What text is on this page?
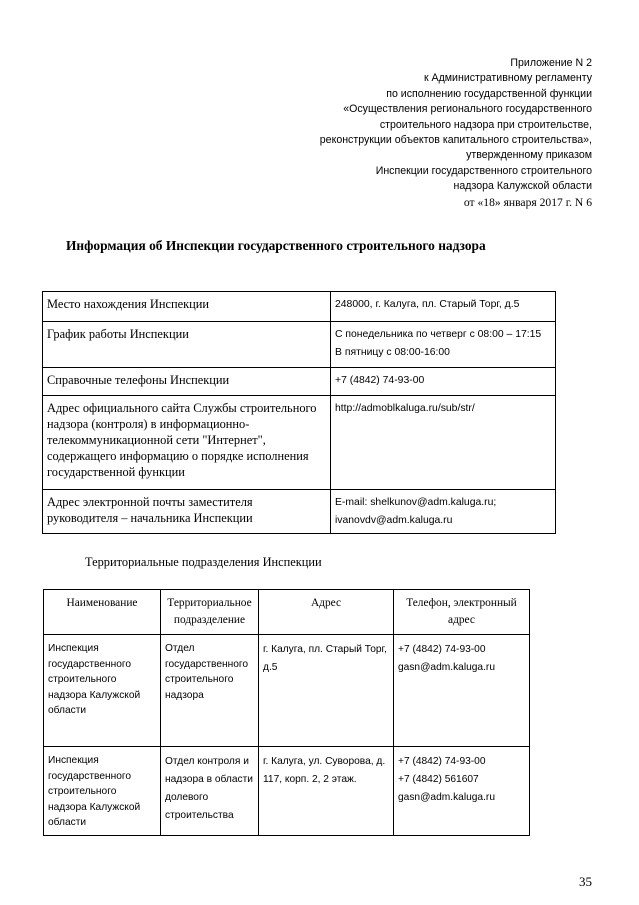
Приложение N 2
к Административному регламенту
по исполнению государственной функции
«Осуществления регионального государственного
строительного надзора при строительстве,
реконструкции объектов капитального строительства»,
утвержденному приказом
Инспекции государственного строительного
надзора Калужской области
от «18» января 2017 г. N 6
Информация об Инспекции государственного строительного надзора
Место нахождения Инспекции	248000, г. Калуга, пл. Старый Торг, д.5

График работы Инспекции	С понедельника по четверг с 08:00 – 17:15
В пятницу с 08:00-16:00

Справочные телефоны Инспекции	+7 (4842) 74-93-00

Адрес официального сайта Службы строительного надзора (контроля) в информационно-телекоммуникационной сети "Интернет", содержащего информацию о порядке исполнения государственной функции	http://admoblkaluga.ru/sub/str/

Адрес электронной почты заместителя руководителя – начальника Инспекции	E-mail: shelkunov@adm.kaluga.ru;
ivanovdv@adm.kaluga.ru
Территориальные подразделения Инспекции
Наименование	Территориальное подразделение	Адрес	Телефон, электронный адрес
Инспекция государственного строительного надзора Калужской области	Отдел государственного строительного надзора	г. Калуга, пл. Старый Торг, д.5	+7 (4842) 74-93-00
gasn@adm.kaluga.ru

Инспекция государственного строительного надзора Калужской области	Отдел контроля и надзора в области долевого строительства	г. Калуга, ул. Суворова, д. 117, корп. 2, 2 этаж.	+7 (4842) 74-93-00
+7 (4842) 561607
gasn@adm.kaluga.ru
35
